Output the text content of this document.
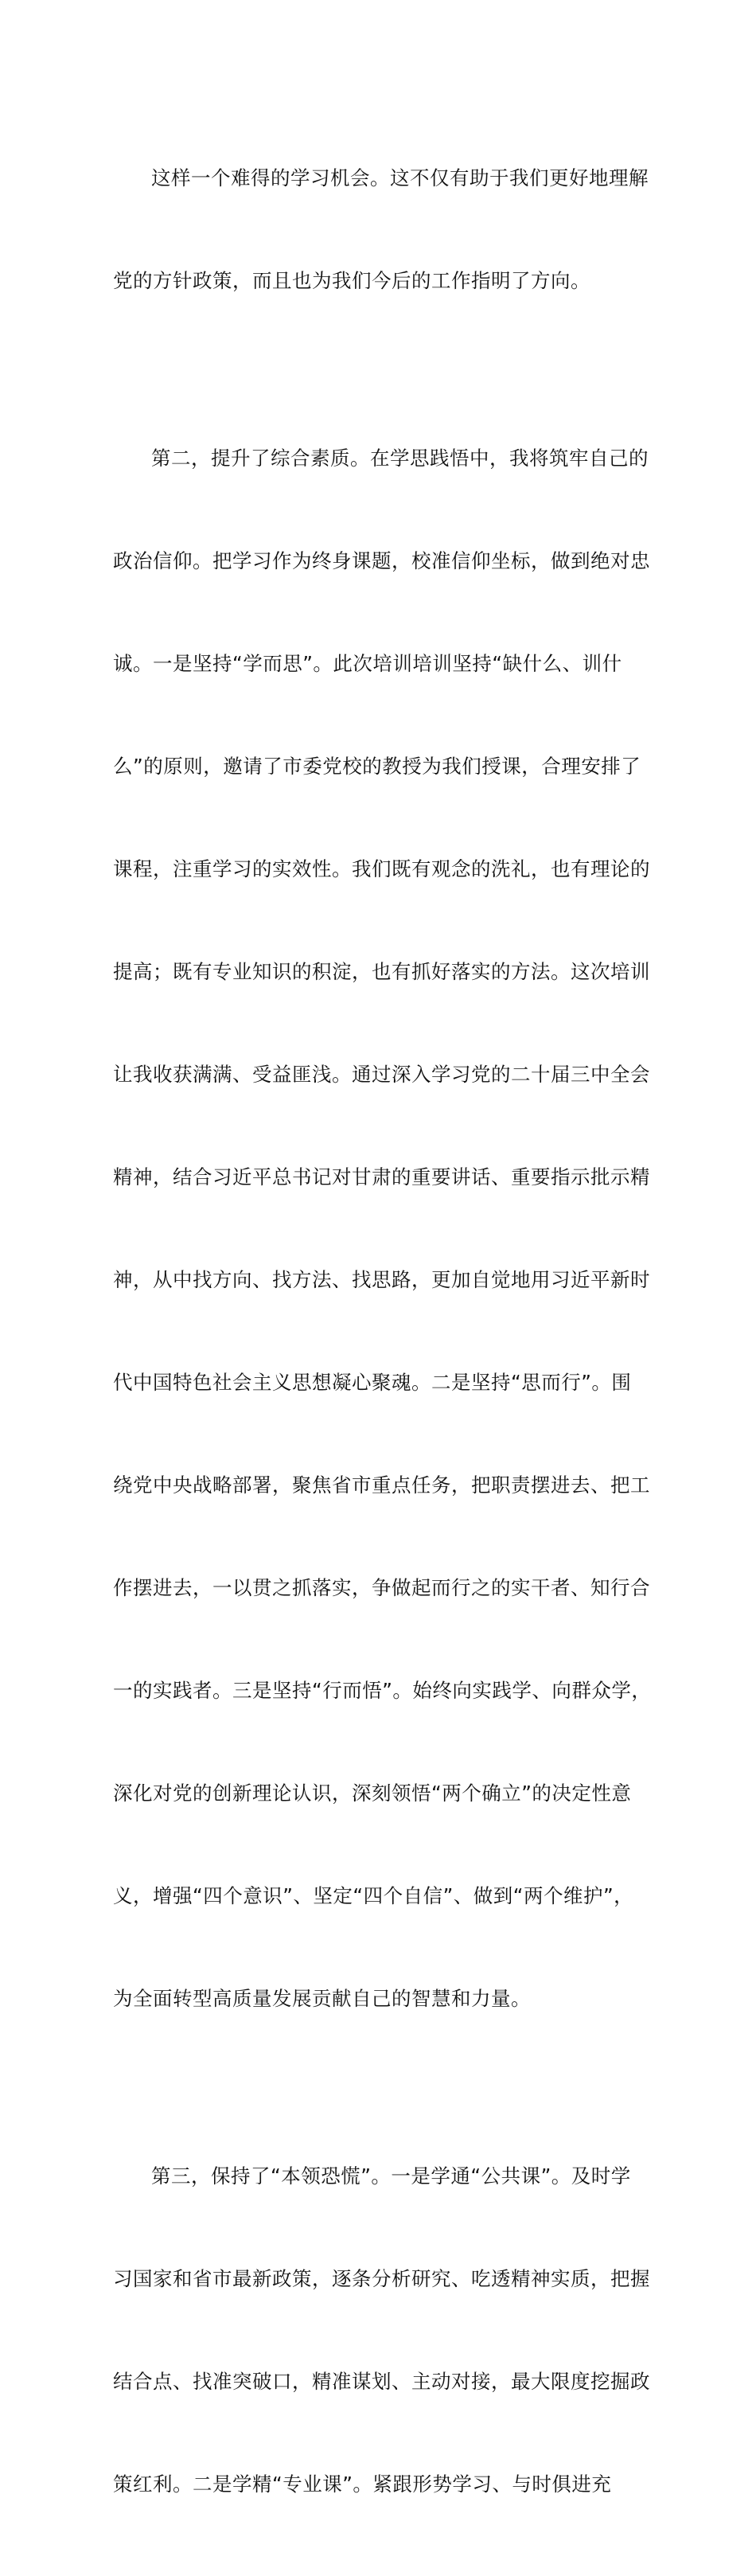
这样一个难得的学习机会。这不仅有助于我们更好地理解

党的方针政策，而且也为我们今后的工作指明了方向。

第二，提升了综合素质。在学思践悟中，我将筑牢自己的

政治信仰。把学习作为终身课题，校准信仰坐标，做到绝对忠

诚。一是坚持“学而思”。此次培训培训坚持“缺什么、训什

么”的原则，邀请了市委党校的教授为我们授课，合理安排了

课程，注重学习的实效性。我们既有观念的洗礼，也有理论的

提高；既有专业知识的积淀，也有抓好落实的方法。这次培训

让我收获满满、受益匪浅。通过深入学习党的二十届三中全会

精神，结合习近平总书记对甘肃的重要讲话、重要指示批示精

神，从中找方向、找方法、找思路，更加自觉地用习近平新时

代中国特色社会主义思想凝心聚魂。二是坚持“思而行”。围

绕党中央战略部署，聚焦省市重点任务，把职责摆进去、把工

作摆进去，一以贯之抓落实，争做起而行之的实干者、知行合

一的实践者。三是坚持“行而悟”。始终向实践学、向群众学，

深化对党的创新理论认识，深刻领悟“两个确立”的决定性意

义，增强“四个意识”、坚定“四个自信”、做到“两个维护”，

为全面转型高质量发展贡献自己的智慧和力量。

第三，保持了“本领恐慌”。一是学通“公共课”。及时学

习国家和省市最新政策，逐条分析研究、吃透精神实质，把握

结合点、找准突破口，精准谋划、主动对接，最大限度挖掘政

策红利。二是学精“专业课”。紧跟形势学习、与时俱进充
